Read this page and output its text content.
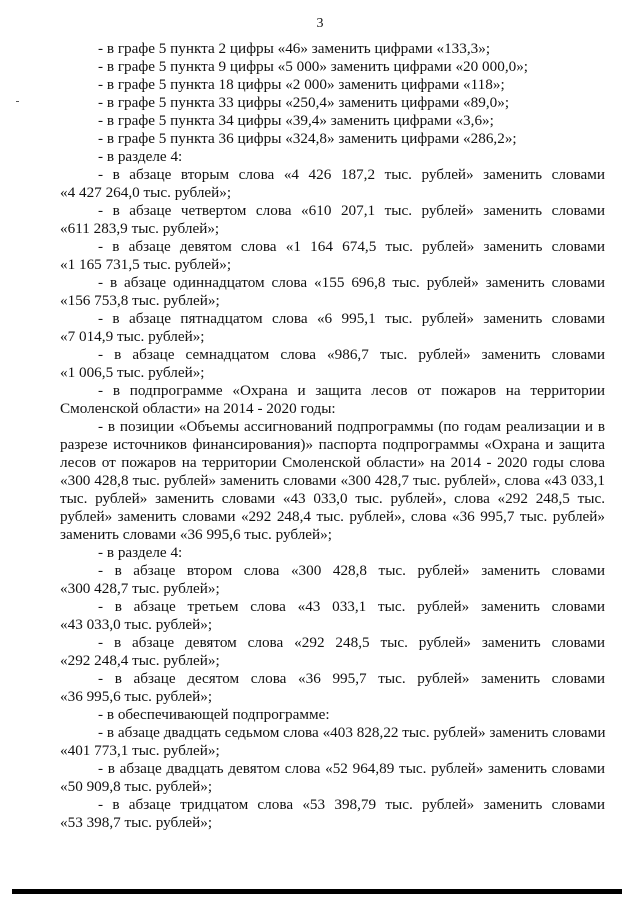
3
- в графе 5 пункта 2 цифры «46» заменить цифрами «133,3»;
- в графе 5 пункта 9 цифры «5 000» заменить цифрами «20 000,0»;
- в графе 5 пункта 18 цифры «2 000» заменить цифрами «118»;
- в графе 5 пункта 33 цифры «250,4» заменить цифрами «89,0»;
- в графе 5 пункта 34 цифры «39,4» заменить цифрами «3,6»;
- в графе 5 пункта 36 цифры «324,8» заменить цифрами «286,2»;
- в разделе 4:
- в абзаце вторым слова «4 426 187,2 тыс. рублей» заменить словами
«4 427 264,0 тыс. рублей»;
- в абзаце четвертом слова «610 207,1 тыс. рублей» заменить словами
«611 283,9 тыс. рублей»;
- в абзаце девятом слова «1 164 674,5 тыс. рублей» заменить словами
«1 165 731,5 тыс. рублей»;
- в абзаце одиннадцатом слова «155 696,8 тыс. рублей» заменить словами
«156 753,8 тыс. рублей»;
- в абзаце пятнадцатом слова «6 995,1 тыс. рублей» заменить словами
«7 014,9 тыс. рублей»;
- в абзаце семнадцатом слова «986,7 тыс. рублей» заменить словами
«1 006,5 тыс. рублей»;
- в подпрограмме «Охрана и защита лесов от пожаров на территории
Смоленской области» на 2014 - 2020 годы:
- в позиции «Объемы ассигнований подпрограммы (по годам реализации и в разрезе источников финансирования)» паспорта подпрограммы «Охрана и защита лесов от пожаров на территории Смоленской области» на 2014 - 2020 годы слова «300 428,8 тыс. рублей» заменить словами «300 428,7 тыс. рублей», слова «43 033,1 тыс. рублей» заменить словами «43 033,0 тыс. рублей», слова «292 248,5 тыс. рублей» заменить словами «292 248,4 тыс. рублей», слова «36 995,7 тыс. рублей» заменить словами «36 995,6 тыс. рублей»;
- в разделе 4:
- в абзаце втором слова «300 428,8 тыс. рублей» заменить словами
«300 428,7 тыс. рублей»;
- в абзаце третьем слова «43 033,1 тыс. рублей» заменить словами
«43 033,0 тыс. рублей»;
- в абзаце девятом слова «292 248,5 тыс. рублей» заменить словами
«292 248,4 тыс. рублей»;
- в абзаце десятом слова «36 995,7 тыс. рублей» заменить словами
«36 995,6 тыс. рублей»;
- в обеспечивающей подпрограмме:
- в абзаце двадцать седьмом слова «403 828,22 тыс. рублей» заменить словами
«401 773,1 тыс. рублей»;
- в абзаце двадцать девятом слова «52 964,89 тыс. рублей» заменить словами
«50 909,8 тыс. рублей»;
- в абзаце тридцатом слова «53 398,79 тыс. рублей» заменить словами
«53 398,7 тыс. рублей»;
